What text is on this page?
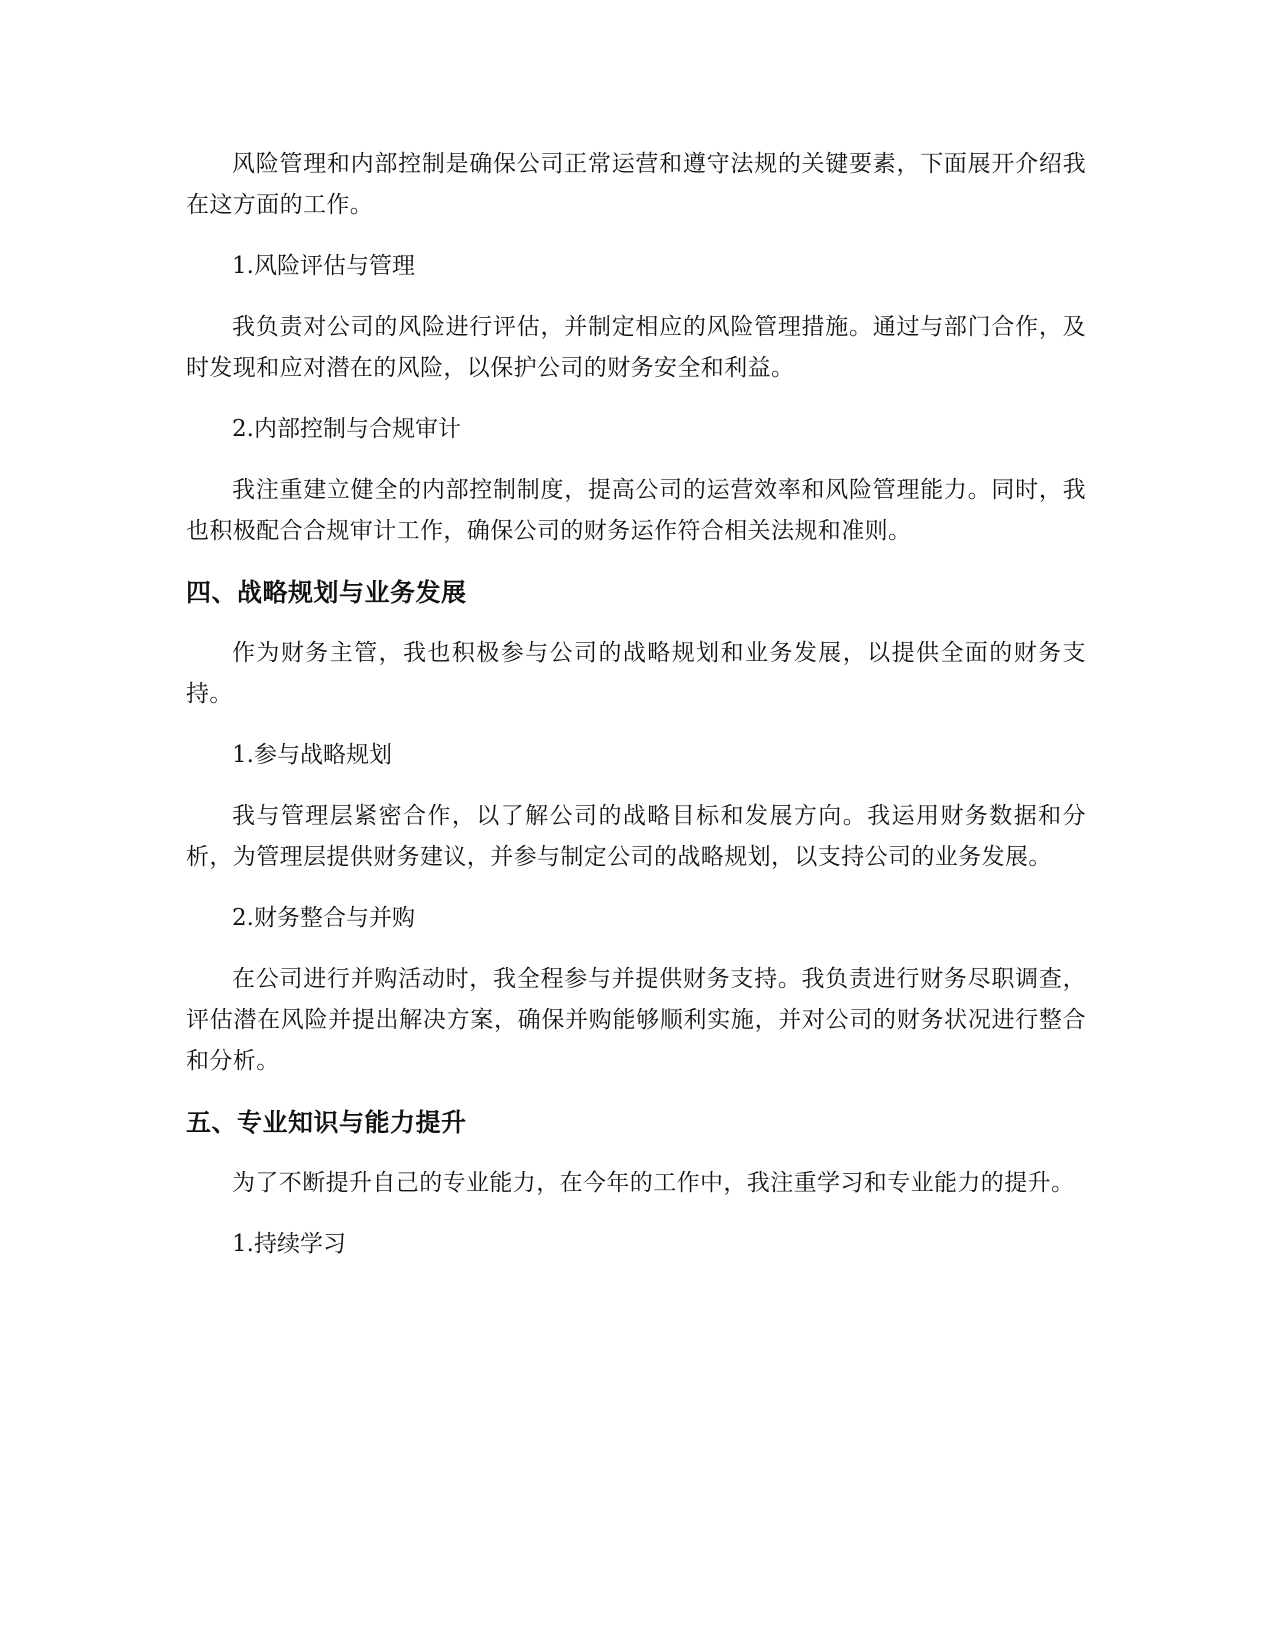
风险管理和内部控制是确保公司正常运营和遵守法规的关键要素，下面展开介绍我在这方面的工作。

1.风险评估与管理

我负责对公司的风险进行评估，并制定相应的风险管理措施。通过与部门合作，及时发现和应对潜在的风险，以保护公司的财务安全和利益。

2.内部控制与合规审计

我注重建立健全的内部控制制度，提高公司的运营效率和风险管理能力。同时，我也积极配合合规审计工作，确保公司的财务运作符合相关法规和准则。

四、战略规划与业务发展

作为财务主管，我也积极参与公司的战略规划和业务发展，以提供全面的财务支持。

1.参与战略规划

我与管理层紧密合作，以了解公司的战略目标和发展方向。我运用财务数据和分析，为管理层提供财务建议，并参与制定公司的战略规划，以支持公司的业务发展。

2.财务整合与并购

在公司进行并购活动时，我全程参与并提供财务支持。我负责进行财务尽职调查，评估潜在风险并提出解决方案，确保并购能够顺利实施，并对公司的财务状况进行整合和分析。

五、专业知识与能力提升

为了不断提升自己的专业能力，在今年的工作中，我注重学习和专业能力的提升。

1.持续学习
